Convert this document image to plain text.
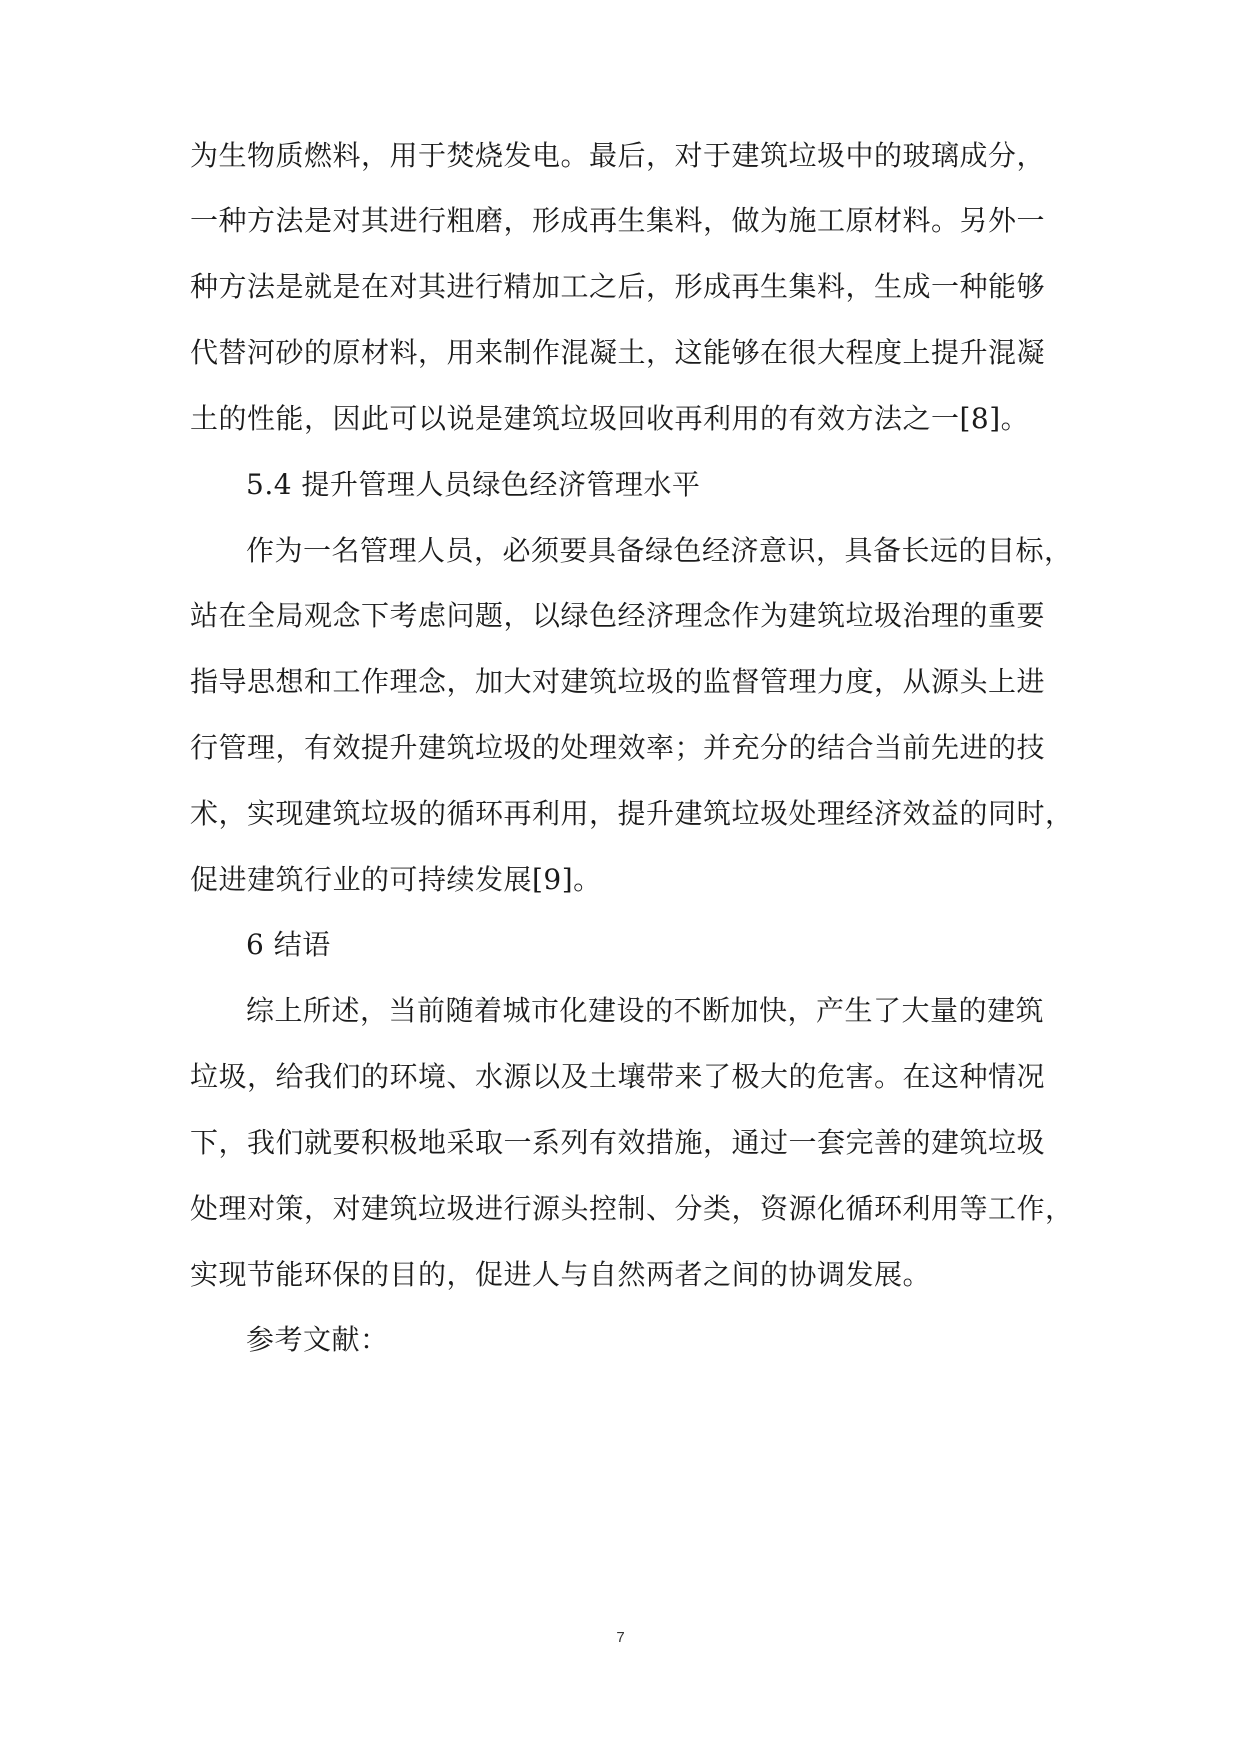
为生物质燃料，用于焚烧发电。最后，对于建筑垃圾中的玻璃成分，
一种方法是对其进行粗磨，形成再生集料，做为施工原材料。另外一
种方法是就是在对其进行精加工之后，形成再生集料，生成一种能够
代替河砂的原材料，用来制作混凝土，这能够在很大程度上提升混凝
土的性能，因此可以说是建筑垃圾回收再利用的有效方法之一[8]。
5.4 提升管理人员绿色经济管理水平
作为一名管理人员，必须要具备绿色经济意识，具备长远的目标，
站在全局观念下考虑问题，以绿色经济理念作为建筑垃圾治理的重要
指导思想和工作理念，加大对建筑垃圾的监督管理力度，从源头上进
行管理，有效提升建筑垃圾的处理效率；并充分的结合当前先进的技
术，实现建筑垃圾的循环再利用，提升建筑垃圾处理经济效益的同时，
促进建筑行业的可持续发展[9]。
6 结语
综上所述，当前随着城市化建设的不断加快，产生了大量的建筑
垃圾，给我们的环境、水源以及土壤带来了极大的危害。在这种情况
下，我们就要积极地采取一系列有效措施，通过一套完善的建筑垃圾
处理对策，对建筑垃圾进行源头控制、分类，资源化循环利用等工作，
实现节能环保的目的，促进人与自然两者之间的协调发展。
参考文献：
7
